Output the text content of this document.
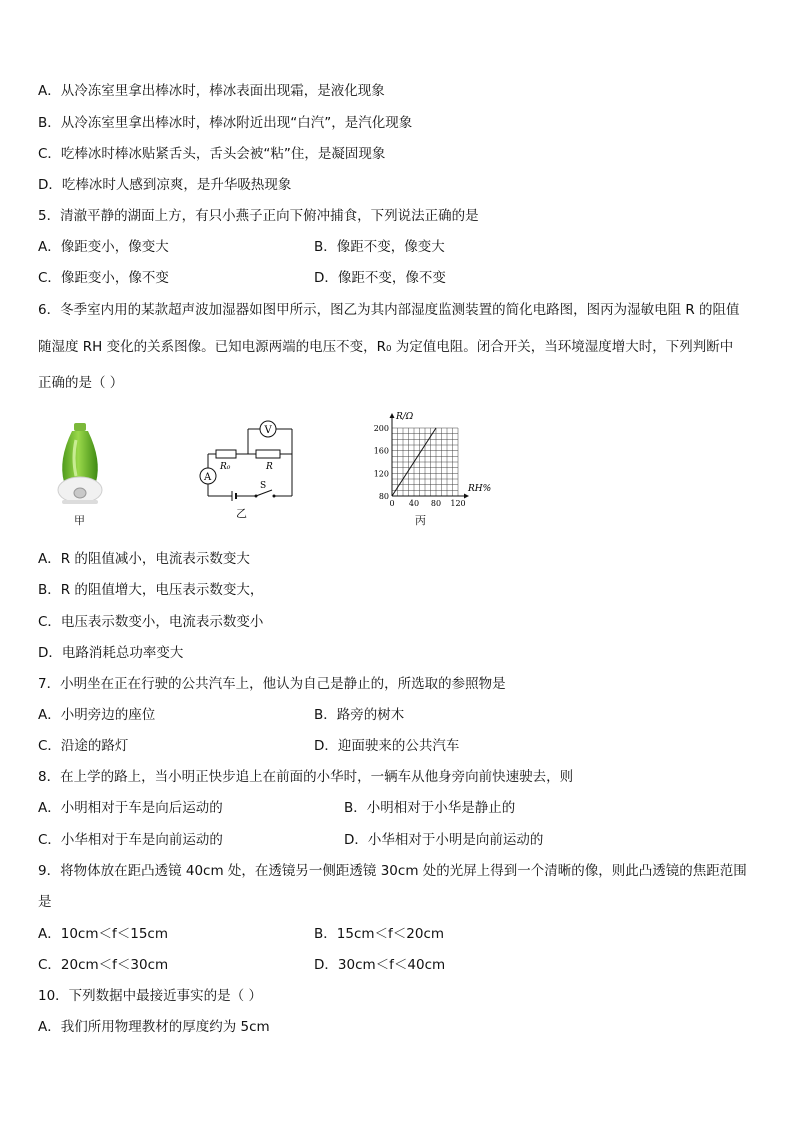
A．从冷冻室里拿出棒冰时，棒冰表面出现霜，是液化现象
B．从冷冻室里拿出棒冰时，棒冰附近出现“白汽”，是汽化现象
C．吃棒冰时棒冰贴紧舌头，舌头会被“粘”住，是凝固现象
D．吃棒冰时人感到凉爽，是升华吸热现象
5．清澈平静的湖面上方，有只小燕子正向下俯冲捕食，下列说法正确的是
A．像距变小，像变大	B．像距不变，像变大
C．像距变小，像不变	D．像距不变，像不变
6．冬季室内用的某款超声波加湿器如图甲所示，图乙为其内部湿度监测装置的简化电路图，图丙为湿敏电阻 R 的阻值
随湿度 RH 变化的关系图像。已知电源两端的电压不变，R₀ 为定值电阻。闭合开关，当环境湿度增大时，下列判断中
正确的是（ ）
甲
V
A
R₀	R
S
乙
0 40 80 120
80
120
160
200
R/Ω
RH%
丙
A．R 的阻值减小，电流表示数变大
B．R 的阻值增大，电压表示数变大，
C．电压表示数变小，电流表示数变小
D．电路消耗总功率变大
7．小明坐在正在行驶的公共汽车上，他认为自己是静止的，所选取的参照物是
A．小明旁边的座位	B．路旁的树木
C．沿途的路灯	D．迎面驶来的公共汽车
8．在上学的路上，当小明正快步追上在前面的小华时，一辆车从他身旁向前快速驶去，则
A．小明相对于车是向后运动的	B．小明相对于小华是静止的
C．小华相对于车是向前运动的	D．小华相对于小明是向前运动的
9．将物体放在距凸透镜 40cm 处，在透镜另一侧距透镜 30cm 处的光屏上得到一个清晰的像，则此凸透镜的焦距范围
是
A．10cm＜f＜15cm	B．15cm＜f＜20cm
C．20cm＜f＜30cm	D．30cm＜f＜40cm
10．下列数据中最接近事实的是（ ）
A．我们所用物理教材的厚度约为 5cm
